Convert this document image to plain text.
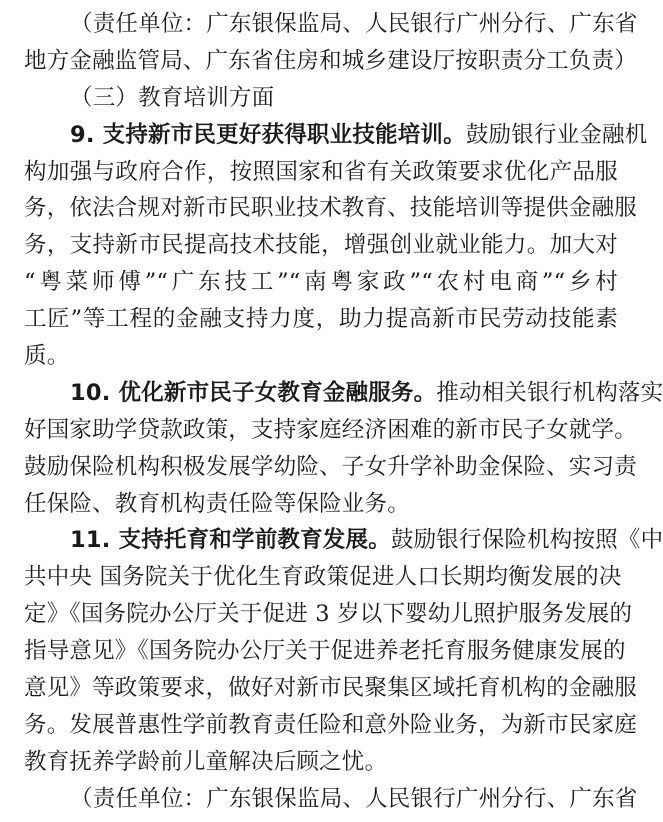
（责任单位：广东银保监局、人民银行广州分行、广东省
地方金融监管局、广东省住房和城乡建设厅按职责分工负责）
（三）教育培训方面
9. 支持新市民更好获得职业技能培训。鼓励银行业金融机
构加强与政府合作，按照国家和省有关政策要求优化产品服
务，依法合规对新市民职业技术教育、技能培训等提供金融服
务，支持新市民提高技术技能，增强创业就业能力。加大对
“粤菜师傅”“广东技工”“南粤家政”“农村电商”“乡村
工匠”等工程的金融支持力度，助力提高新市民劳动技能素
质。
10. 优化新市民子女教育金融服务。推动相关银行机构落实
好国家助学贷款政策，支持家庭经济困难的新市民子女就学。
鼓励保险机构积极发展学幼险、子女升学补助金保险、实习责
任保险、教育机构责任险等保险业务。
11. 支持托育和学前教育发展。鼓励银行保险机构按照《中
共中央 国务院关于优化生育政策促进人口长期均衡发展的决
定》《国务院办公厅关于促进 3 岁以下婴幼儿照护服务发展的
指导意见》《国务院办公厅关于促进养老托育服务健康发展的
意见》等政策要求，做好对新市民聚集区域托育机构的金融服
务。发展普惠性学前教育责任险和意外险业务，为新市民家庭
教育抚养学龄前儿童解决后顾之忧。
（责任单位：广东银保监局、人民银行广州分行、广东省
